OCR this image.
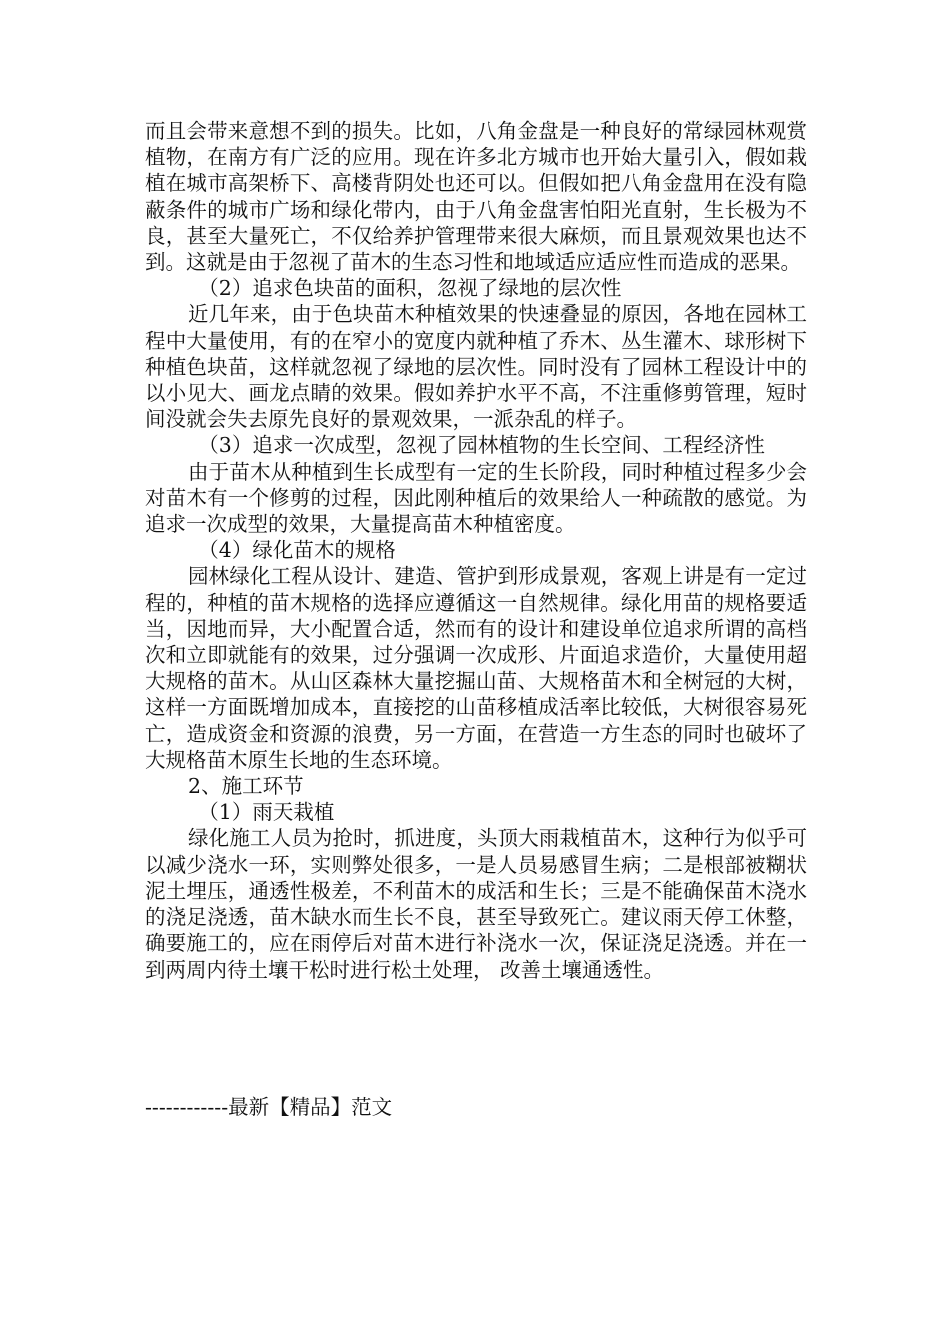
而且会带来意想不到的损失。比如，八角金盘是一种良好的常绿园林观赏植物，在南方有广泛的应用。现在许多北方城市也开始大量引入，假如栽植在城市高架桥下、高楼背阴处也还可以。但假如把八角金盘用在没有隐蔽条件的城市广场和绿化带内，由于八角金盘害怕阳光直射，生长极为不良，甚至大量死亡，不仅给养护管理带来很大麻烦，而且景观效果也达不到。这就是由于忽视了苗木的生态习性和地域适应适应性而造成的恶果。

（2）追求色块苗的面积，忽视了绿地的层次性

近几年来，由于色块苗木种植效果的快速叠显的原因，各地在园林工程中大量使用，有的在窄小的宽度内就种植了乔木、丛生灌木、球形树下种植色块苗，这样就忽视了绿地的层次性。同时没有了园林工程设计中的以小见大、画龙点睛的效果。假如养护水平不高，不注重修剪管理，短时间没就会失去原先良好的景观效果，一派杂乱的样子。

（3）追求一次成型，忽视了园林植物的生长空间、工程经济性

由于苗木从种植到生长成型有一定的生长阶段，同时种植过程多少会对苗木有一个修剪的过程，因此刚种植后的效果给人一种疏散的感觉。为追求一次成型的效果，大量提高苗木种植密度。

（4）绿化苗木的规格

园林绿化工程从设计、建造、管护到形成景观，客观上讲是有一定过程的，种植的苗木规格的选择应遵循这一自然规律。绿化用苗的规格要适当，因地而异，大小配置合适，然而有的设计和建设单位追求所谓的高档次和立即就能有的效果，过分强调一次成形、片面追求造价，大量使用超大规格的苗木。从山区森林大量挖掘山苗、大规格苗木和全树冠的大树， 这样一方面既增加成本，直接挖的山苗移植成活率比较低，大树很容易死亡，造成资金和资源的浪费，另一方面，在营造一方生态的同时也破坏了大规格苗木原生长地的生态环境。

2、施工环节

（1）雨天栽植

绿化施工人员为抢时，抓进度，头顶大雨栽植苗木，这种行为似乎可以减少浇水一环，实则弊处很多，一是人员易感冒生病；二是根部被糊状泥土埋压，通透性极差，不利苗木的成活和生长；三是不能确保苗木浇水的浇足浇透，苗木缺水而生长不良，甚至导致死亡。建议雨天停工休整，确要施工的，应在雨停后对苗木进行补浇水一次，保证浇足浇透。并在一到两周内待土壤干松时进行松土处理， 改善土壤通透性。

------------最新【精品】范文
